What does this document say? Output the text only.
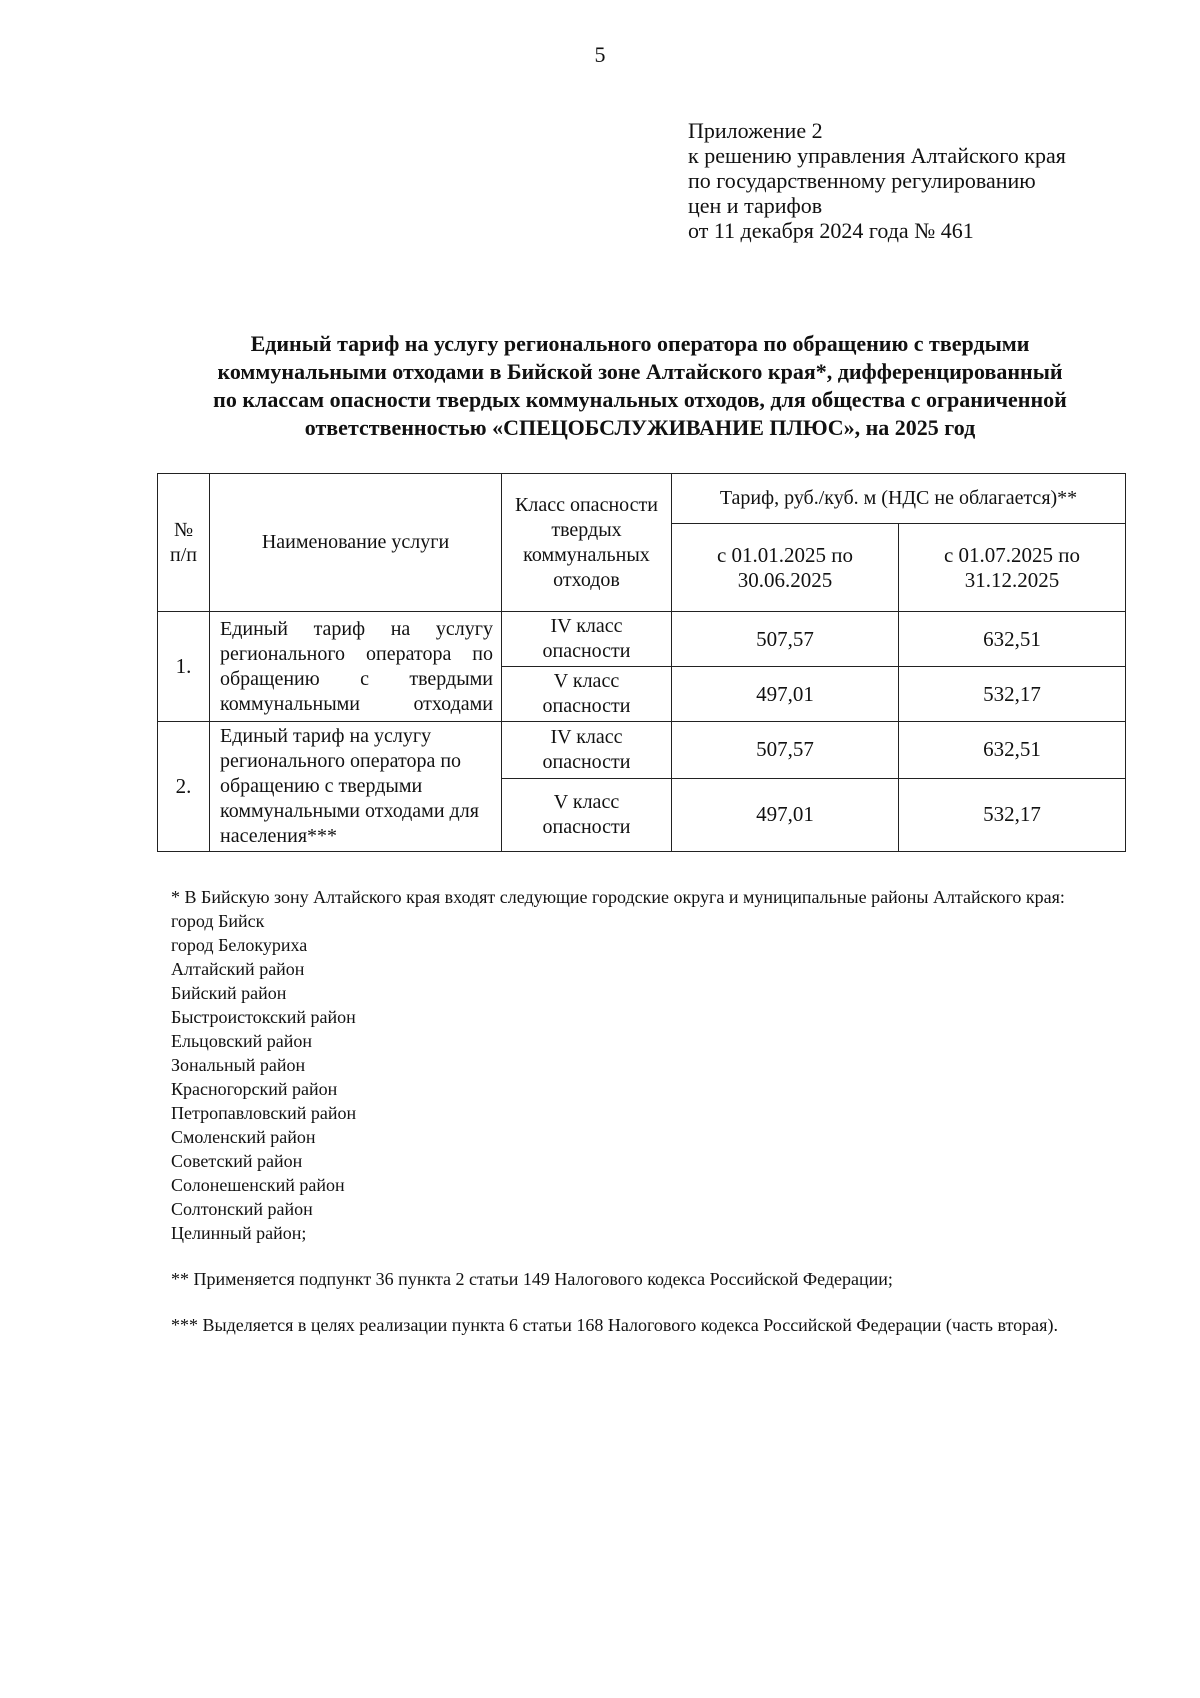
5
Приложение 2
к решению управления Алтайского края
по государственному регулированию
цен и тарифов
от 11 декабря 2024 года № 461
Единый тариф на услугу регионального оператора по обращению с твердыми
коммунальными отходами в Бийской зоне Алтайского края*, дифференцированный
по классам опасности твердых коммунальных отходов, для общества с ограниченной
ответственностью «СПЕЦОБСЛУЖИВАНИЕ ПЛЮС», на 2025 год
№ п/п	Наименование услуги	Класс опасности твердых коммунальных отходов	Тариф, руб./куб. м (НДС не облагается)**	
			с 01.01.2025 по 30.06.2025	с 01.07.2025 по 31.12.2025
1.	Единый тариф на услугу регионального оператора по обращению с твердыми коммунальными отходами	IV класс опасности	507,57	632,51
		V класс опасности	497,01	532,17
2.	Единый тариф на услугу регионального оператора по обращению с твердыми коммунальными отходами для населения***	IV класс опасности	507,57	632,51
		V класс опасности	497,01	532,17
* В Бийскую зону Алтайского края входят следующие городские округа и муниципальные районы Алтайского края:
город Бийск
город Белокуриха
Алтайский район
Бийский район
Быстроистокский район
Ельцовский район
Зональный район
Красногорский район
Петропавловский район
Смоленский район
Советский район
Солонешенский район
Солтонский район
Целинный район;
** Применяется подпункт 36 пункта 2 статьи 149 Налогового кодекса Российской Федерации;
*** Выделяется в целях реализации пункта 6 статьи 168 Налогового кодекса Российской Федерации (часть вторая).
